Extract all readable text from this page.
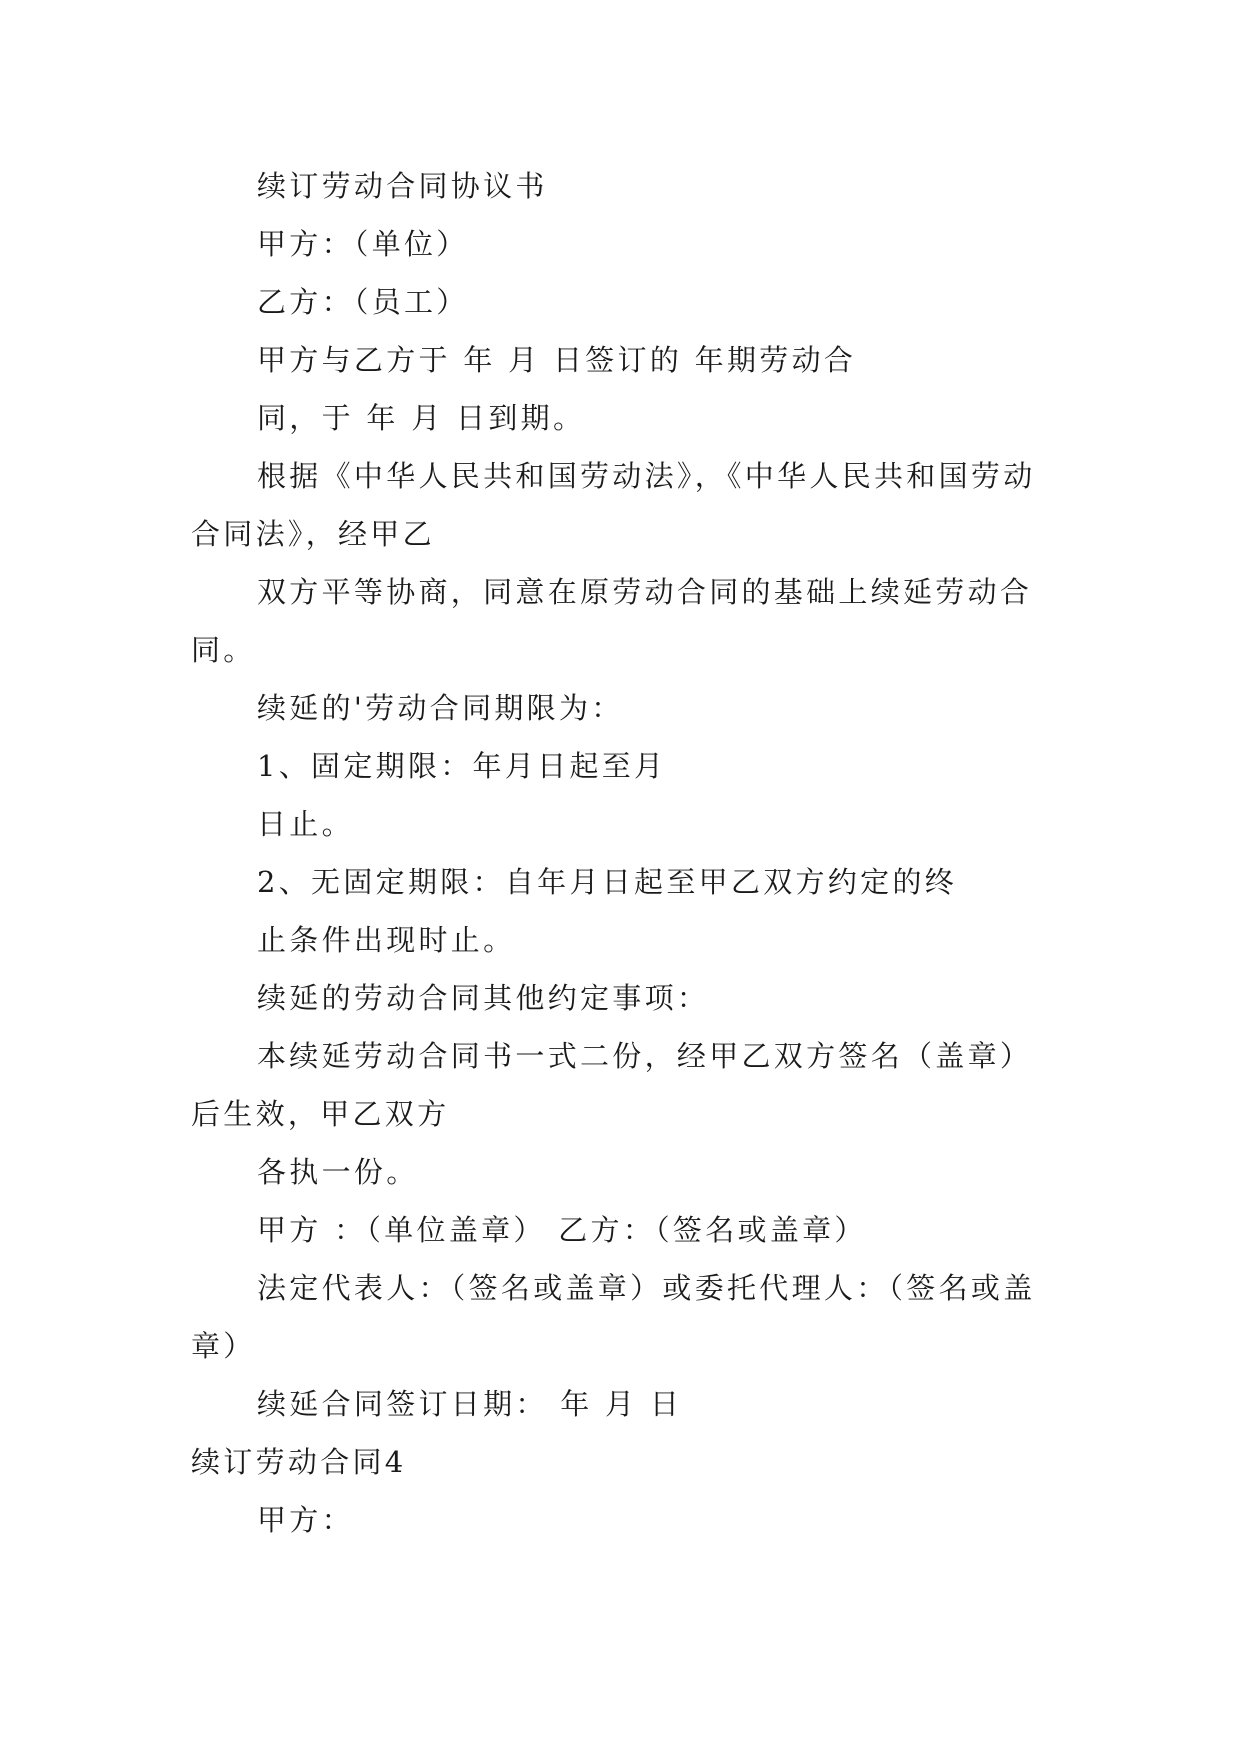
续订劳动合同协议书

甲方：（单位）

乙方：（员工）

甲方与乙方于 年 月 日签订的 年期劳动合

同，于 年 月 日到期。

根据《中华人民共和国劳动法》，《中华人民共和国劳动

合同法》，经甲乙

双方平等协商，同意在原劳动合同的基础上续延劳动合

同。

续延的'劳动合同期限为：

1、固定期限：年月日起至月

日止。

2、无固定期限：自年月日起至甲乙双方约定的终

止条件出现时止。

续延的劳动合同其他约定事项：

本续延劳动合同书一式二份，经甲乙双方签名（盖章）

后生效，甲乙双方

各执一份。

甲方 ：（单位盖章） 乙方：（签名或盖章）

法定代表人：（签名或盖章）或委托代理人：（签名或盖

章）

续延合同签订日期： 年 月 日

续订劳动合同4

甲方：
